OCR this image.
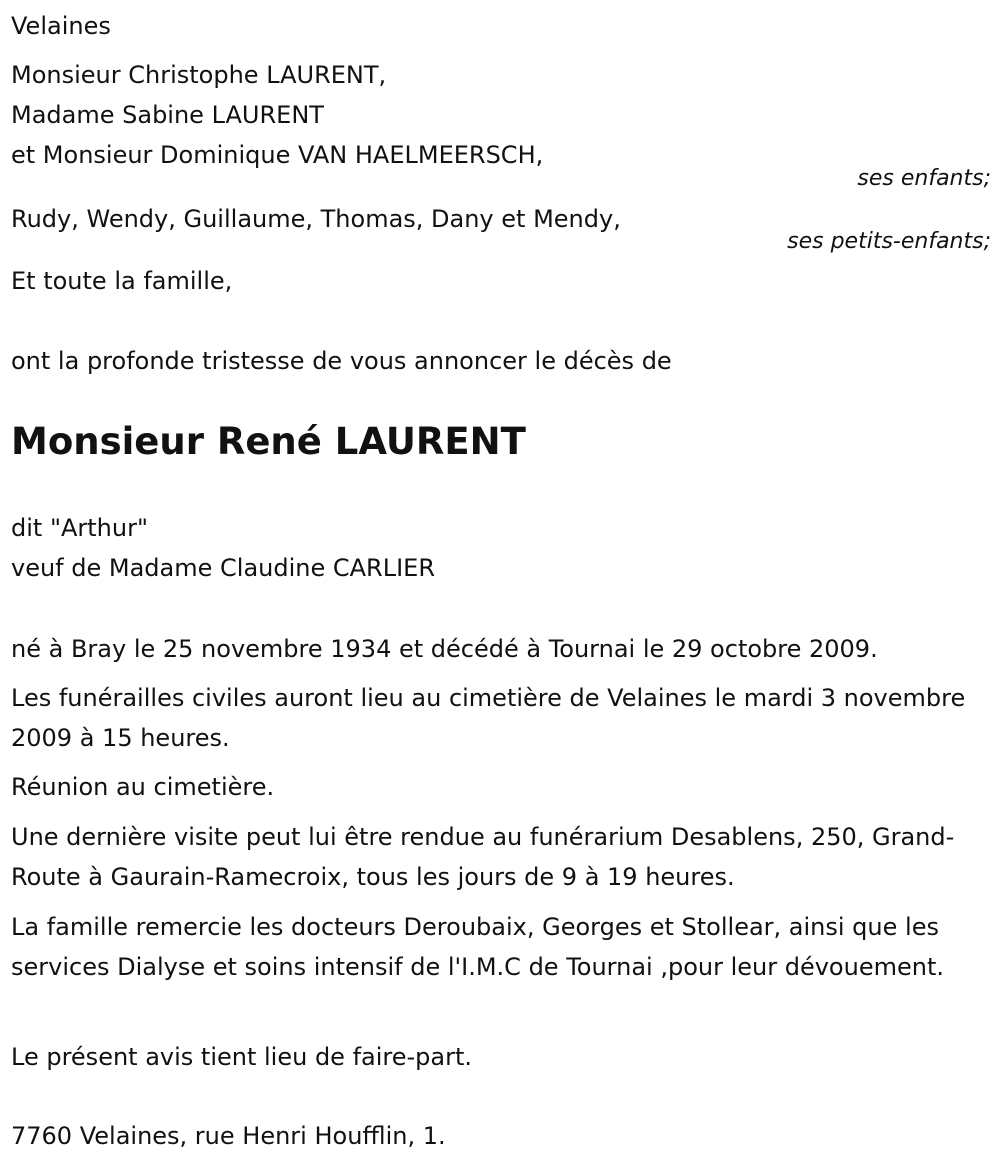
Velaines
Monsieur Christophe LAURENT,
Madame Sabine LAURENT
et Monsieur Dominique VAN HAELMEERSCH,
ses enfants;
Rudy, Wendy, Guillaume, Thomas, Dany et Mendy,
ses petits-enfants;
Et toute la famille,
ont la profonde tristesse de vous annoncer le décès de
Monsieur René LAURENT
dit "Arthur"
veuf de Madame Claudine CARLIER
né à Bray le 25 novembre 1934 et décédé à Tournai le 29 octobre 2009.
Les funérailles civiles auront lieu au cimetière de Velaines le mardi 3 novembre 2009 à 15 heures.
Réunion au cimetière.
Une dernière visite peut lui être rendue au funérarium Desablens, 250, Grand-Route à Gaurain-Ramecroix, tous les jours de 9 à 19 heures.
La famille remercie les docteurs Deroubaix, Georges et Stollear, ainsi que les services Dialyse et soins intensif de l'I.M.C de Tournai ,pour leur dévouement.
Le présent avis tient lieu de faire-part.
7760 Velaines, rue Henri Houfflin, 1.
